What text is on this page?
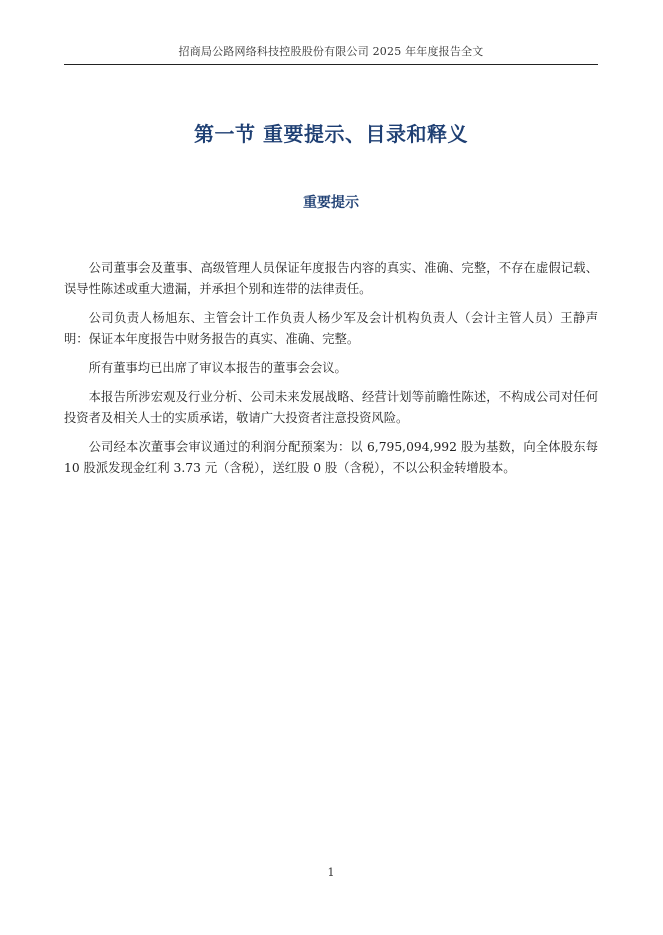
招商局公路网络科技控股股份有限公司 2025 年年度报告全文
第一节 重要提示、目录和释义
重要提示

公司董事会及董事、高级管理人员保证年度报告内容的真实、准确、完整，不存在虚假记载、误导性陈述或重大遗漏，并承担个别和连带的法律责任。

公司负责人杨旭东、主管会计工作负责人杨少军及会计机构负责人（会计主管人员）王静声明：保证本年度报告中财务报告的真实、准确、完整。

所有董事均已出席了审议本报告的董事会会议。

本报告所涉宏观及行业分析、公司未来发展战略、经营计划等前瞻性陈述，不构成公司对任何投资者及相关人士的实质承诺，敬请广大投资者注意投资风险。

公司经本次董事会审议通过的利润分配预案为：以 6,795,094,992 股为基数，向全体股东每 10 股派发现金红利 3.73 元（含税），送红股 0 股（含税），不以公积金转增股本。

1
